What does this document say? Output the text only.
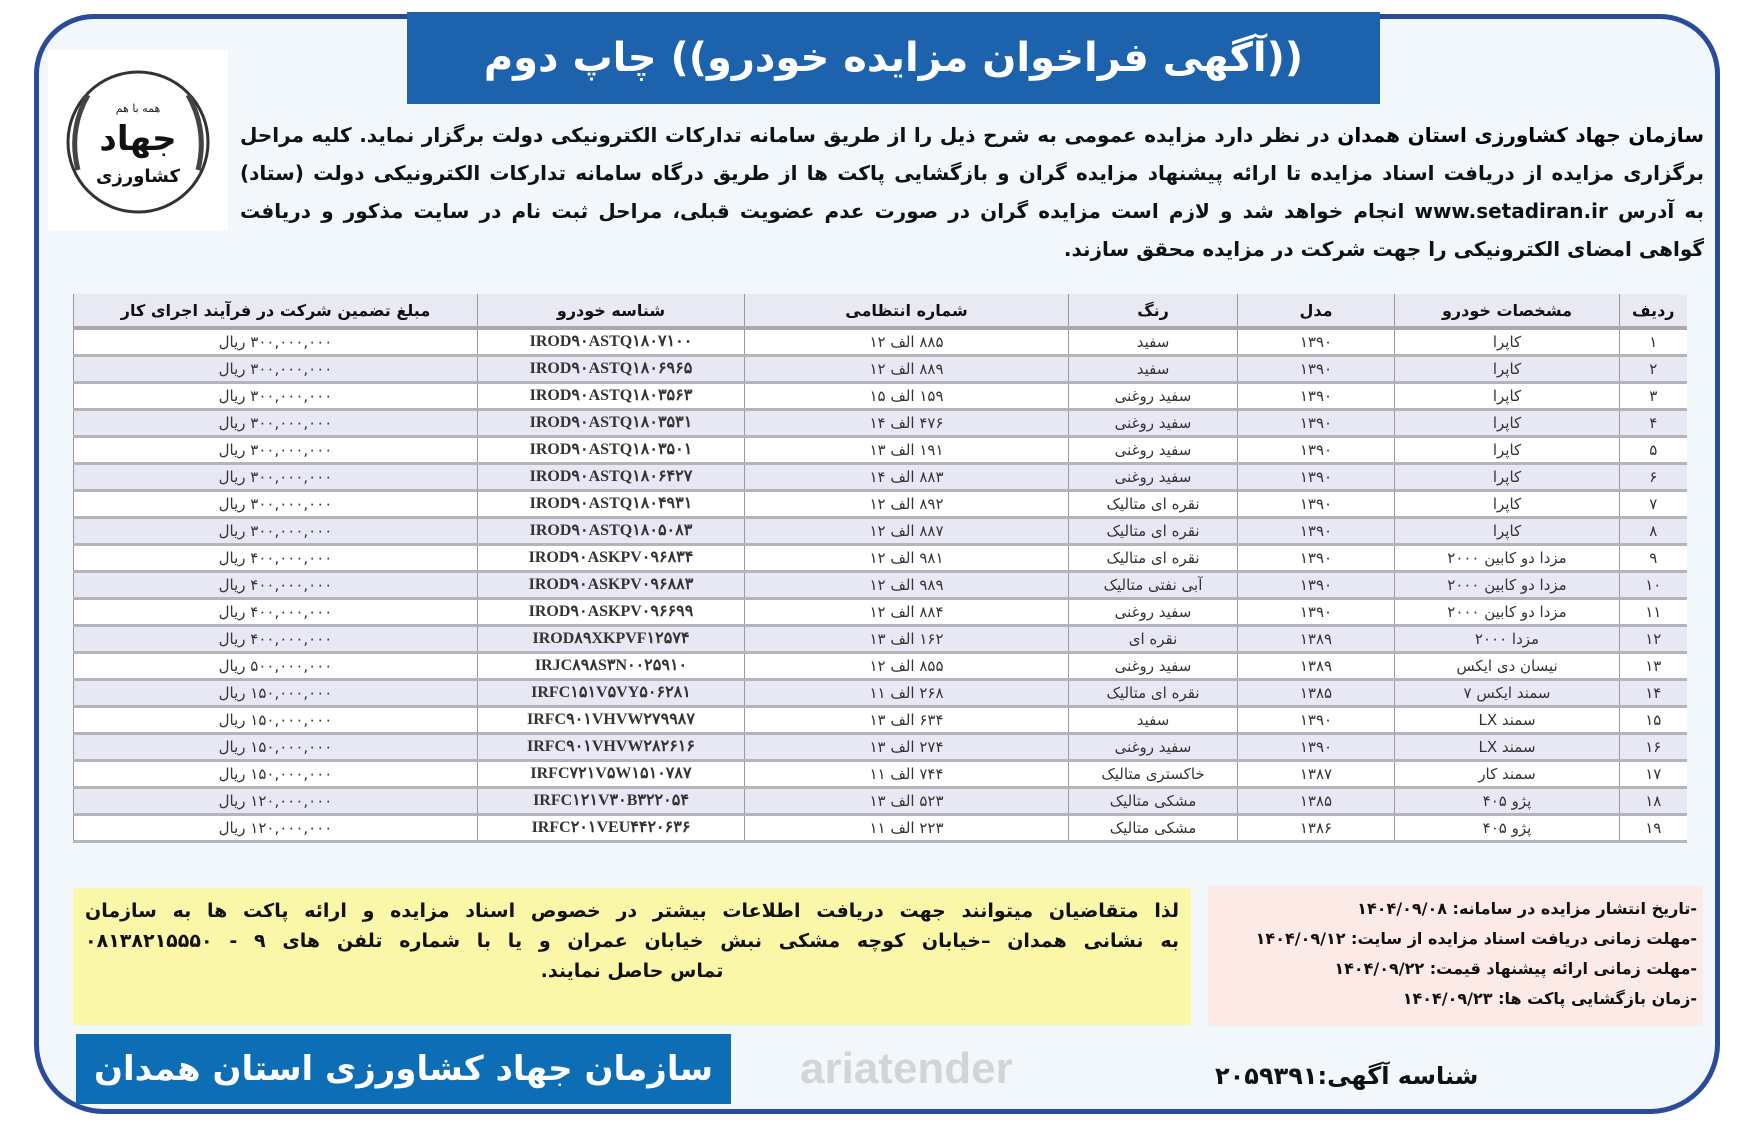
((آگهی فراخوان مزایده خودرو)) چاپ دوم
همه با هم
جهاد
کشاورزی
سازمان جهاد کشاورزی استان همدان در نظر دارد مزایده عمومی به شرح ذیل را از طریق سامانه تدارکات الکترونیکی دولت برگزار نماید. کلیه مراحل
برگزاری مزایده از دریافت اسناد مزایده تا ارائه پیشنهاد مزایده گران و بازگشایی پاکت ها از طریق درگاه سامانه تدارکات الکترونیکی دولت (ستاد)
به آدرس www.setadiran.ir انجام خواهد شد و لازم است مزایده گران در صورت عدم عضویت قبلی، مراحل ثبت نام در سایت مذکور و دریافت
گواهی امضای الکترونیکی را جهت شرکت در مزایده محقق سازند.
ردیف	مشخصات خودرو	مدل	رنگ	شماره انتظامی	شناسه خودرو	مبلغ تضمین شرکت در فرآیند اجرای کار
۱	کاپرا	۱۳۹۰	سفید	۸۸۵ الف ۱۲	IROD۹۰ASTQ۱۸۰۷۱۰۰	۳۰۰,۰۰۰,۰۰۰ ریال
۲	کاپرا	۱۳۹۰	سفید	۸۸۹ الف ۱۲	IROD۹۰ASTQ۱۸۰۶۹۶۵	۳۰۰,۰۰۰,۰۰۰ ریال
۳	کاپرا	۱۳۹۰	سفید روغنی	۱۵۹ الف ۱۵	IROD۹۰ASTQ۱۸۰۳۵۶۳	۳۰۰,۰۰۰,۰۰۰ ریال
۴	کاپرا	۱۳۹۰	سفید روغنی	۴۷۶ الف ۱۴	IROD۹۰ASTQ۱۸۰۳۵۳۱	۳۰۰,۰۰۰,۰۰۰ ریال
۵	کاپرا	۱۳۹۰	سفید روغنی	۱۹۱ الف ۱۳	IROD۹۰ASTQ۱۸۰۳۵۰۱	۳۰۰,۰۰۰,۰۰۰ ریال
۶	کاپرا	۱۳۹۰	سفید روغنی	۸۸۳ الف ۱۴	IROD۹۰ASTQ۱۸۰۶۴۲۷	۳۰۰,۰۰۰,۰۰۰ ریال
۷	کاپرا	۱۳۹۰	نقره ای متالیک	۸۹۲ الف ۱۲	IROD۹۰ASTQ۱۸۰۴۹۳۱	۳۰۰,۰۰۰,۰۰۰ ریال
۸	کاپرا	۱۳۹۰	نقره ای متالیک	۸۸۷ الف ۱۲	IROD۹۰ASTQ۱۸۰۵۰۸۳	۳۰۰,۰۰۰,۰۰۰ ریال
۹	مزدا دو کابین ۲۰۰۰	۱۳۹۰	نقره ای متالیک	۹۸۱ الف ۱۲	IROD۹۰ASKPV۰۹۶۸۳۴	۴۰۰,۰۰۰,۰۰۰ ریال
۱۰	مزدا دو کابین ۲۰۰۰	۱۳۹۰	آبی نفتی متالیک	۹۸۹ الف ۱۲	IROD۹۰ASKPV۰۹۶۸۸۳	۴۰۰,۰۰۰,۰۰۰ ریال
۱۱	مزدا دو کابین ۲۰۰۰	۱۳۹۰	سفید روغنی	۸۸۴ الف ۱۲	IROD۹۰ASKPV۰۹۶۶۹۹	۴۰۰,۰۰۰,۰۰۰ ریال
۱۲	مزدا ۲۰۰۰	۱۳۸۹	نقره ای	۱۶۲ الف ۱۳	IROD۸۹XKPVF۱۲۵۷۴	۴۰۰,۰۰۰,۰۰۰ ریال
۱۳	نیسان دی ایکس	۱۳۸۹	سفید روغنی	۸۵۵ الف ۱۲	IRJC۸۹۸S۳N۰۰۲۵۹۱۰	۵۰۰,۰۰۰,۰۰۰ ریال
۱۴	سمند ایکس ۷	۱۳۸۵	نقره ای متالیک	۲۶۸ الف ۱۱	IRFC۱۵۱V۵VY۵۰۶۲۸۱	۱۵۰,۰۰۰,۰۰۰ ریال
۱۵	سمند LX	۱۳۹۰	سفید	۶۳۴ الف ۱۳	IRFC۹۰۱VHVW۲۷۹۹۸۷	۱۵۰,۰۰۰,۰۰۰ ریال
۱۶	سمند LX	۱۳۹۰	سفید روغنی	۲۷۴ الف ۱۳	IRFC۹۰۱VHVW۲۸۲۶۱۶	۱۵۰,۰۰۰,۰۰۰ ریال
۱۷	سمند کار	۱۳۸۷	خاکستری متالیک	۷۴۴ الف ۱۱	IRFC۷۲۱V۵W۱۵۱۰۷۸۷	۱۵۰,۰۰۰,۰۰۰ ریال
۱۸	پژو ۴۰۵	۱۳۸۵	مشکی متالیک	۵۲۳ الف ۱۳	IRFC۱۲۱V۳۰B۳۲۲۰۵۴	۱۲۰,۰۰۰,۰۰۰ ریال
۱۹	پژو ۴۰۵	۱۳۸۶	مشکی متالیک	۲۲۳ الف ۱۱	IRFC۲۰۱VEU۴۴۲۰۶۳۶	۱۲۰,۰۰۰,۰۰۰ ریال
ariatender
لذا متقاضیان میتوانند جهت دریافت اطلاعات بیشتر در خصوص اسناد مزایده و ارائه پاکت ها به سازمان
به نشانی همدان –خیابان کوچه مشکی نبش خیابان عمران و یا با شماره تلفن های ۹ - ۰۸۱۳۸۲۱۵۵۵۰
تماس حاصل نمایند.
-تاریخ انتشار مزایده در سامانه: ۱۴۰۴/۰۹/۰۸
-مهلت زمانی دریافت اسناد مزایده از سایت: ۱۴۰۴/۰۹/۱۲
-مهلت زمانی ارائه پیشنهاد قیمت: ۱۴۰۴/۰۹/۲۲
-زمان بازگشایی پاکت ها: ۱۴۰۴/۰۹/۲۳
سازمان جهاد کشاورزی استان همدان	شناسه آگهی:۲۰۵۹۳۹۱
